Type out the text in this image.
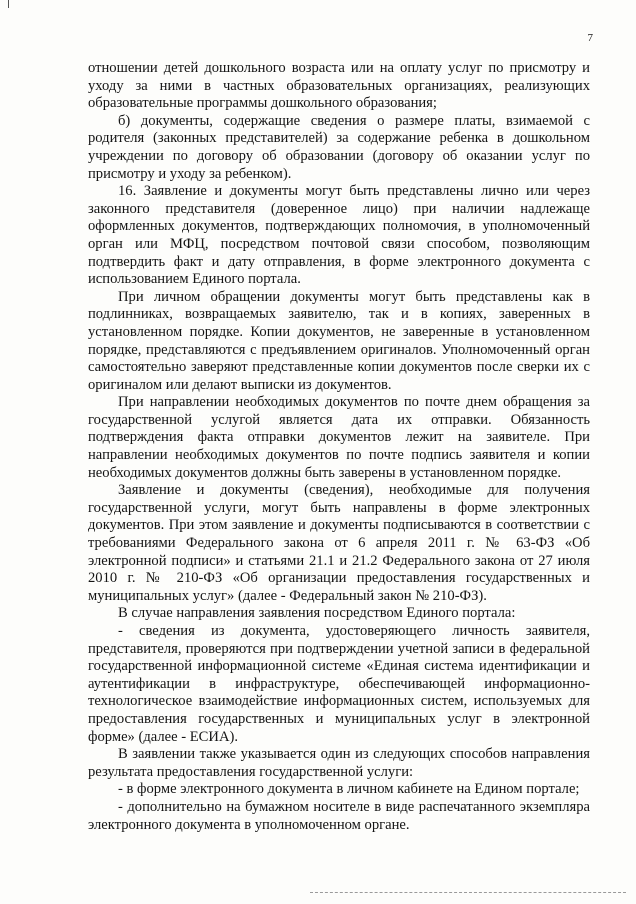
7

отношении детей дошкольного возраста или на оплату услуг по присмотру и уходу за ними в частных образовательных организациях, реализующих образовательные программы дошкольного образования;

б) документы, содержащие сведения о размере платы, взимаемой с родителя (законных представителей) за содержание ребенка в дошкольном учреждении по договору об образовании (договору об оказании услуг по присмотру и уходу за ребенком).

16. Заявление и документы могут быть представлены лично или через законного представителя (доверенное лицо) при наличии надлежаще оформленных документов, подтверждающих полномочия, в уполномоченный орган или МФЦ, посредством почтовой связи способом, позволяющим подтвердить факт и дату отправления, в форме электронного документа с использованием Единого портала.

При личном обращении документы могут быть представлены как в подлинниках, возвращаемых заявителю, так и в копиях, заверенных в установленном порядке. Копии документов, не заверенные в установленном порядке, представляются с предъявлением оригиналов. Уполномоченный орган самостоятельно заверяют представленные копии документов после сверки их с оригиналом или делают выписки из документов.

При направлении необходимых документов по почте днем обращения за государственной услугой является дата их отправки. Обязанность подтверждения факта отправки документов лежит на заявителе. При направлении необходимых документов по почте подпись заявителя и копии необходимых документов должны быть заверены в установленном порядке.

Заявление и документы (сведения), необходимые для получения государственной услуги, могут быть направлены в форме электронных документов. При этом заявление и документы подписываются в соответствии с требованиями Федерального закона от 6 апреля 2011 г. № 63-ФЗ «Об электронной подписи» и статьями 21.1 и 21.2 Федерального закона от 27 июля 2010 г. № 210-ФЗ «Об организации предоставления государственных и муниципальных услуг» (далее - Федеральный закон № 210-ФЗ).

В случае направления заявления посредством Единого портала:

- сведения из документа, удостоверяющего личность заявителя, представителя, проверяются при подтверждении учетной записи в федеральной государственной информационной системе «Единая система идентификации и аутентификации в инфраструктуре, обеспечивающей информационно-технологическое взаимодействие информационных систем, используемых для предоставления государственных и муниципальных услуг в электронной форме» (далее - ЕСИА).

В заявлении также указывается один из следующих способов направления результата предоставления государственной услуги:

- в форме электронного документа в личном кабинете на Едином портале;

- дополнительно на бумажном носителе в виде распечатанного экземпляра электронного документа в уполномоченном органе.
